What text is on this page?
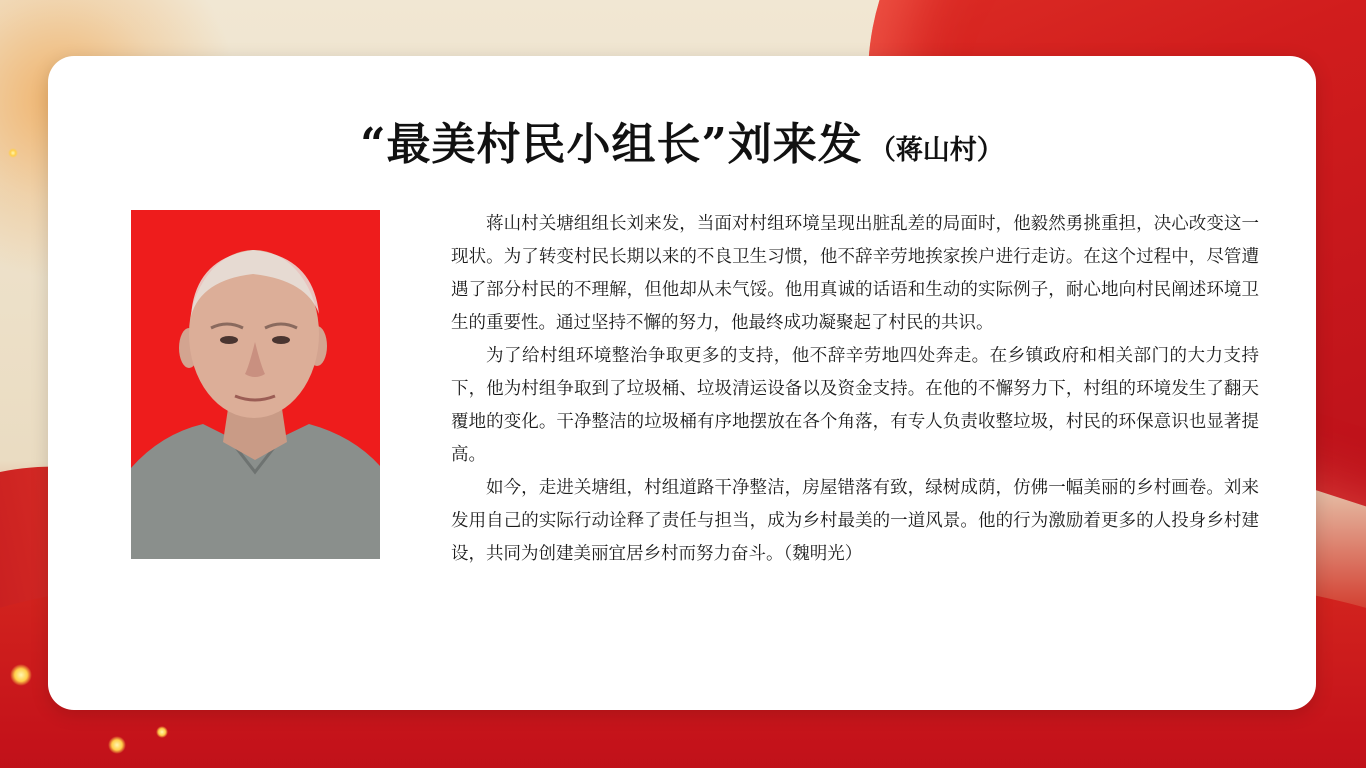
“最美村民小组长”刘来发 （蒋山村）

蒋山村关塘组组长刘来发，当面对村组环境呈现出脏乱差的局面时，他毅然勇挑重担，决心改变这一现状。为了转变村民长期以来的不良卫生习惯，他不辞辛劳地挨家挨户进行走访。在这个过程中，尽管遭遇了部分村民的不理解，但他却从未气馁。他用真诚的话语和生动的实际例子，耐心地向村民阐述环境卫生的重要性。通过坚持不懈的努力，他最终成功凝聚起了村民的共识。

为了给村组环境整治争取更多的支持，他不辞辛劳地四处奔走。在乡镇政府和相关部门的大力支持下，他为村组争取到了垃圾桶、垃圾清运设备以及资金支持。在他的不懈努力下，村组的环境发生了翻天覆地的变化。干净整洁的垃圾桶有序地摆放在各个角落，有专人负责收整垃圾，村民的环保意识也显著提高。

如今，走进关塘组，村组道路干净整洁，房屋错落有致，绿树成荫，仿佛一幅美丽的乡村画卷。刘来发用自己的实际行动诠释了责任与担当，成为乡村最美的一道风景。他的行为激励着更多的人投身乡村建设，共同为创建美丽宜居乡村而努力奋斗。（魏明光）
